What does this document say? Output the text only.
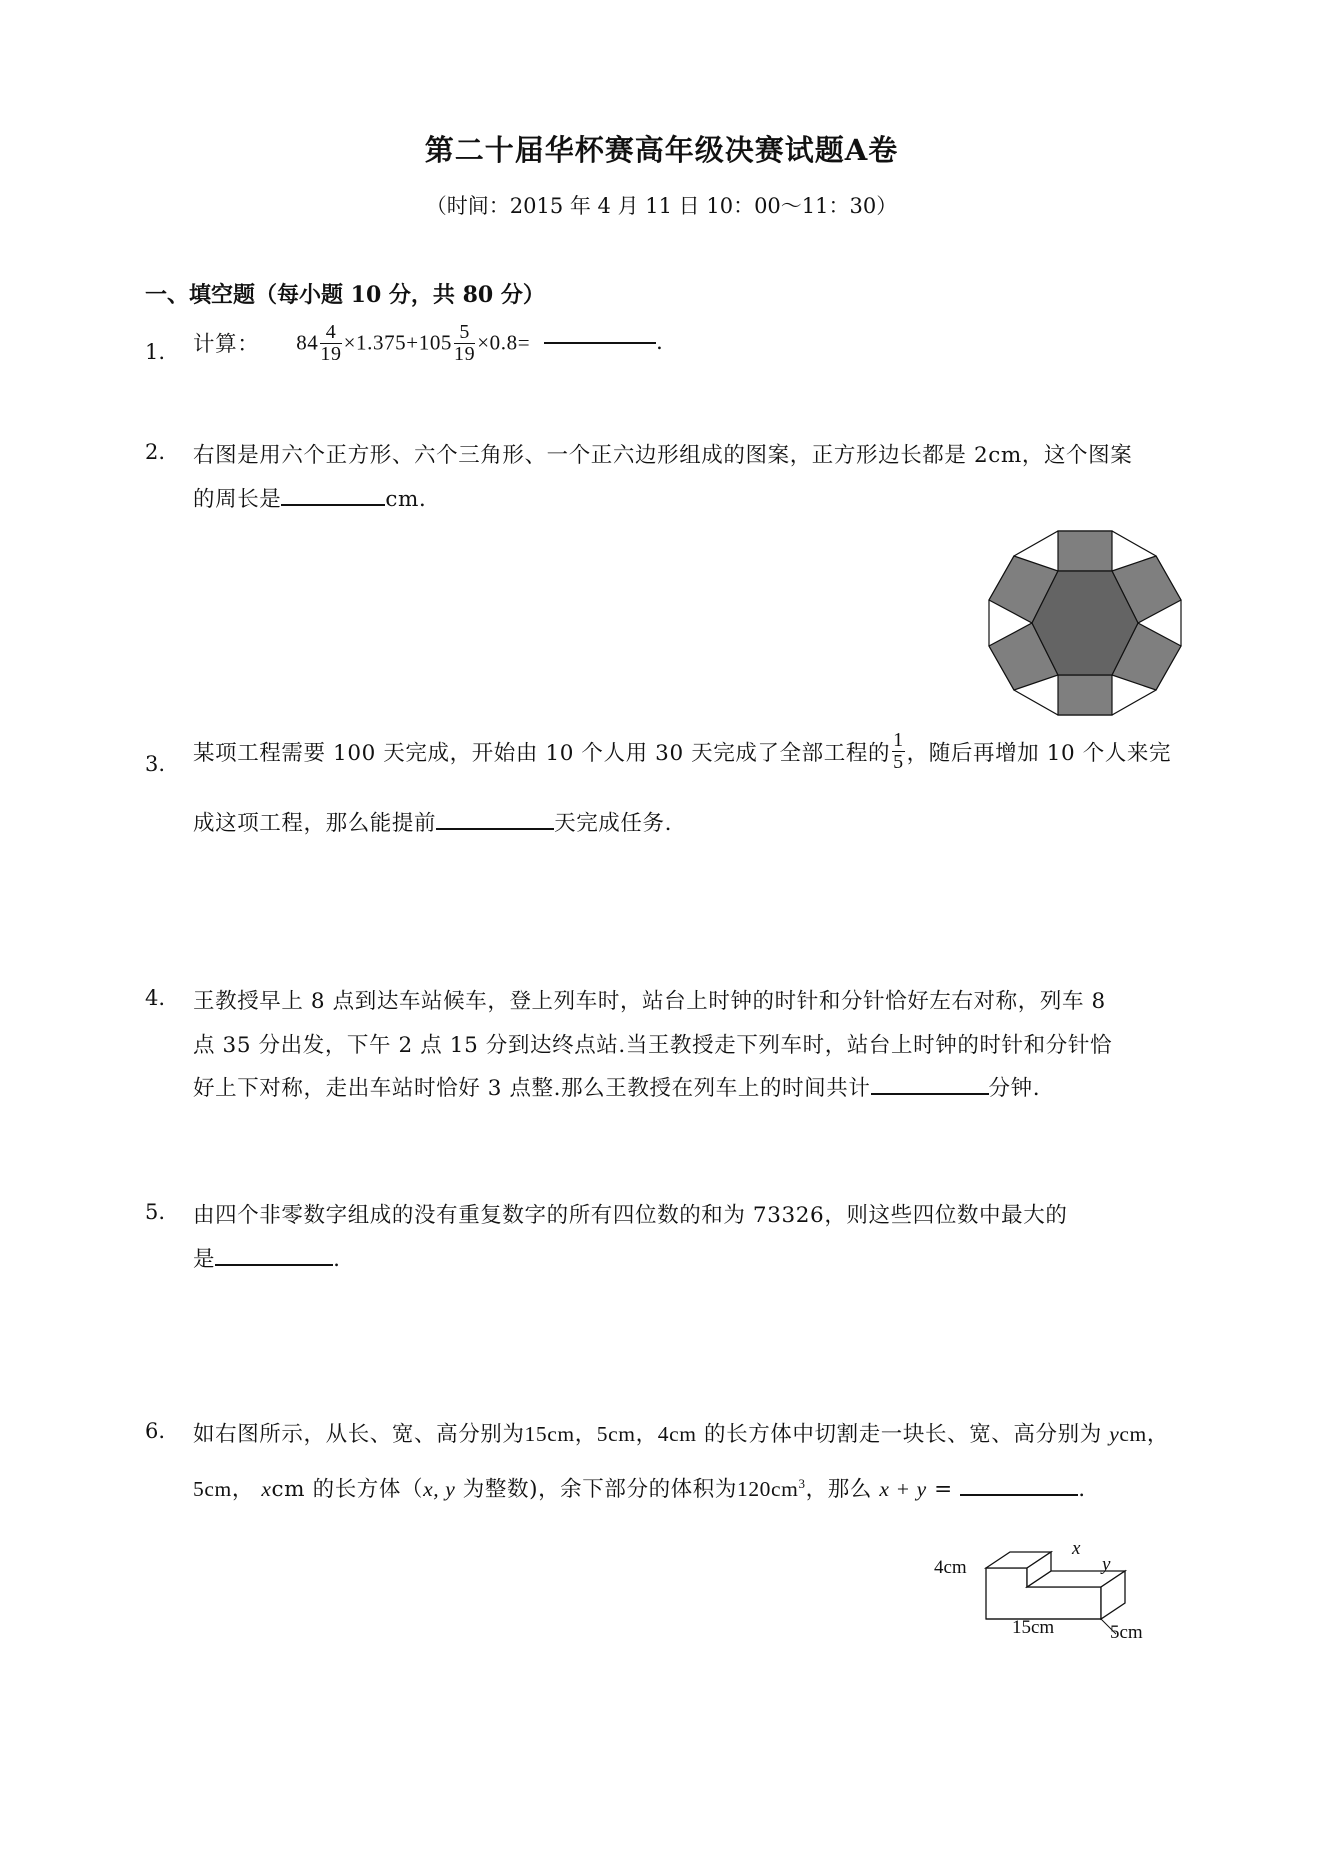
第二十届华杯赛高年级决赛试题A卷
（时间：2015 年 4 月 11 日 10：00～11：30）
一、填空题（每小题 10 分，共 80 分）
1. 计算： $84 \frac{4}{19} \times 1.375+105 \frac{5}{19} \times 0.8=$	.
2. 右图是用六个正方形、六个三角形、一个正六边形组成的图案，正方形边长都是 2cm，这个图案
的周长是	cm．
3. 某项工程需要 100 天完成，开始由 10 个人用 30 天完成了全部工程的 $\frac{1}{5}$ ，随后再增加 10 个人来完
成这项工程，那么能提前	天完成任务.
4. 王教授早上 8 点到达车站候车，登上列车时，站台上时钟的时针和分针恰好左右对称，列车 8
点 35 分出发，下午 2 点 15 分到达终点站.当王教授走下列车时，站台上时钟的时针和分针恰
好上下对称，走出车站时恰好 3 点整.那么王教授在列车上的时间共计	分钟.
5. 由四个非零数字组成的没有重复数字的所有四位数的和为 73326，则这些四位数中最大的
是	.
6. 如右图所示，从长、宽、高分别为15cm，5cm，4cm 的长方体中切割走一块长、宽、高分别为 ycm，
5cm， xcm 的长方体（x, y 为整数)，余下部分的体积为$120cm^3$，那么 x + y =	.
4cm
15cm	5cm
x
y
